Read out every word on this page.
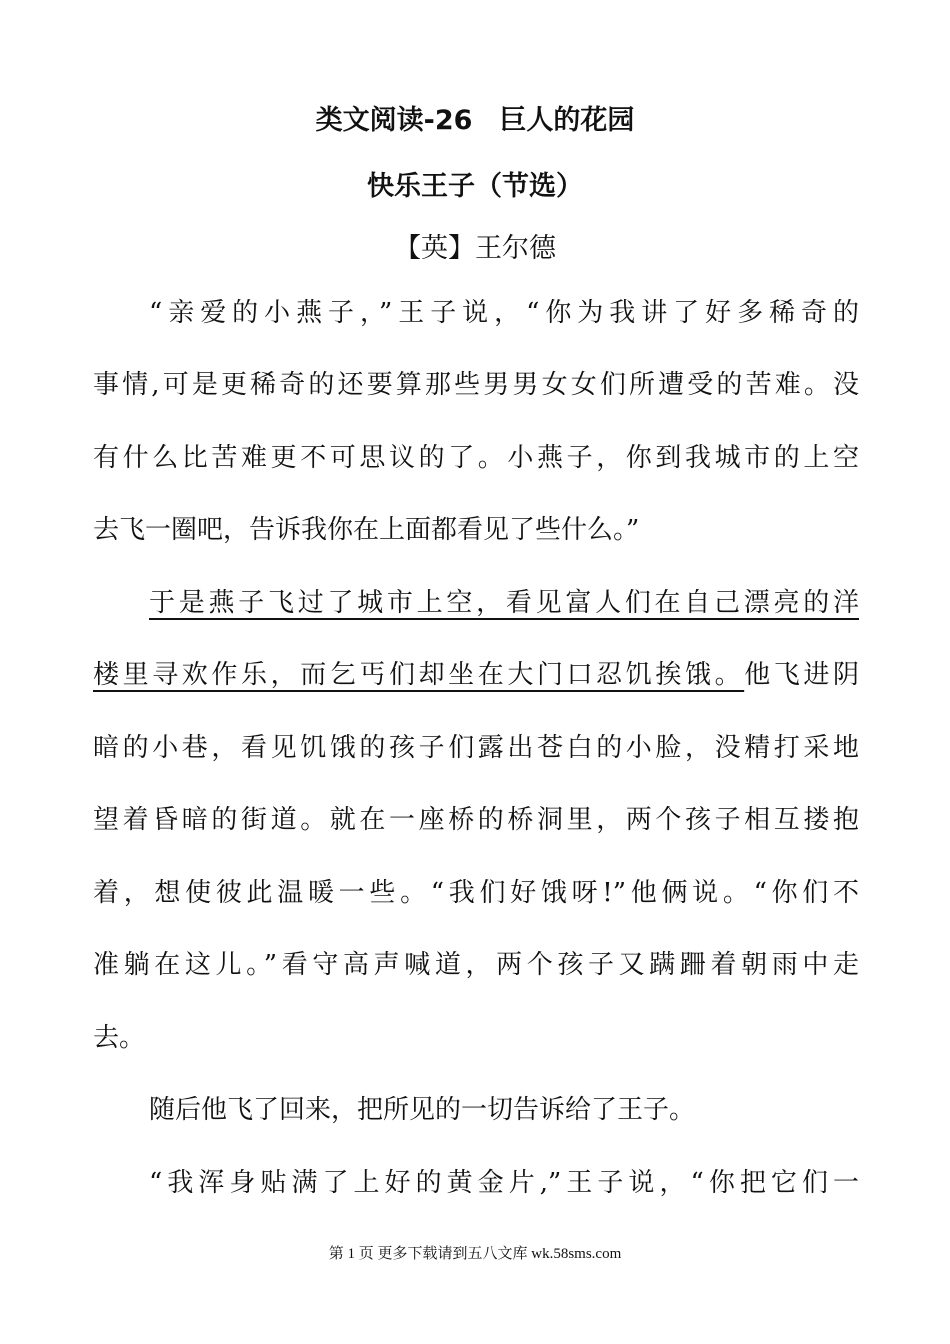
类文阅读-26　巨人的花园
快乐王子（节选）
【英】王尔德
“亲爱的小燕子，”王子说，“你为我讲了好多稀奇的
事情,可是更稀奇的还要算那些男男女女们所遭受的苦难。没
有什么比苦难更不可思议的了。小燕子，你到我城市的上空
去飞一圈吧，告诉我你在上面都看见了些什么。”
于是燕子飞过了城市上空，看见富人们在自己漂亮的洋
楼里寻欢作乐，而乞丐们却坐在大门口忍饥挨饿。他飞进阴
暗的小巷，看见饥饿的孩子们露出苍白的小脸，没精打采地
望着昏暗的街道。就在一座桥的桥洞里，两个孩子相互搂抱
着，想使彼此温暖一些。“我们好饿呀!”他俩说。“你们不
准躺在这儿。”看守高声喊道，两个孩子又蹒跚着朝雨中走
去。
随后他飞了回来，把所见的一切告诉给了王子。
“我浑身贴满了上好的黄金片,”王子说，“你把它们一
第 1 页 更多下载请到五八文库 wk.58sms.com
